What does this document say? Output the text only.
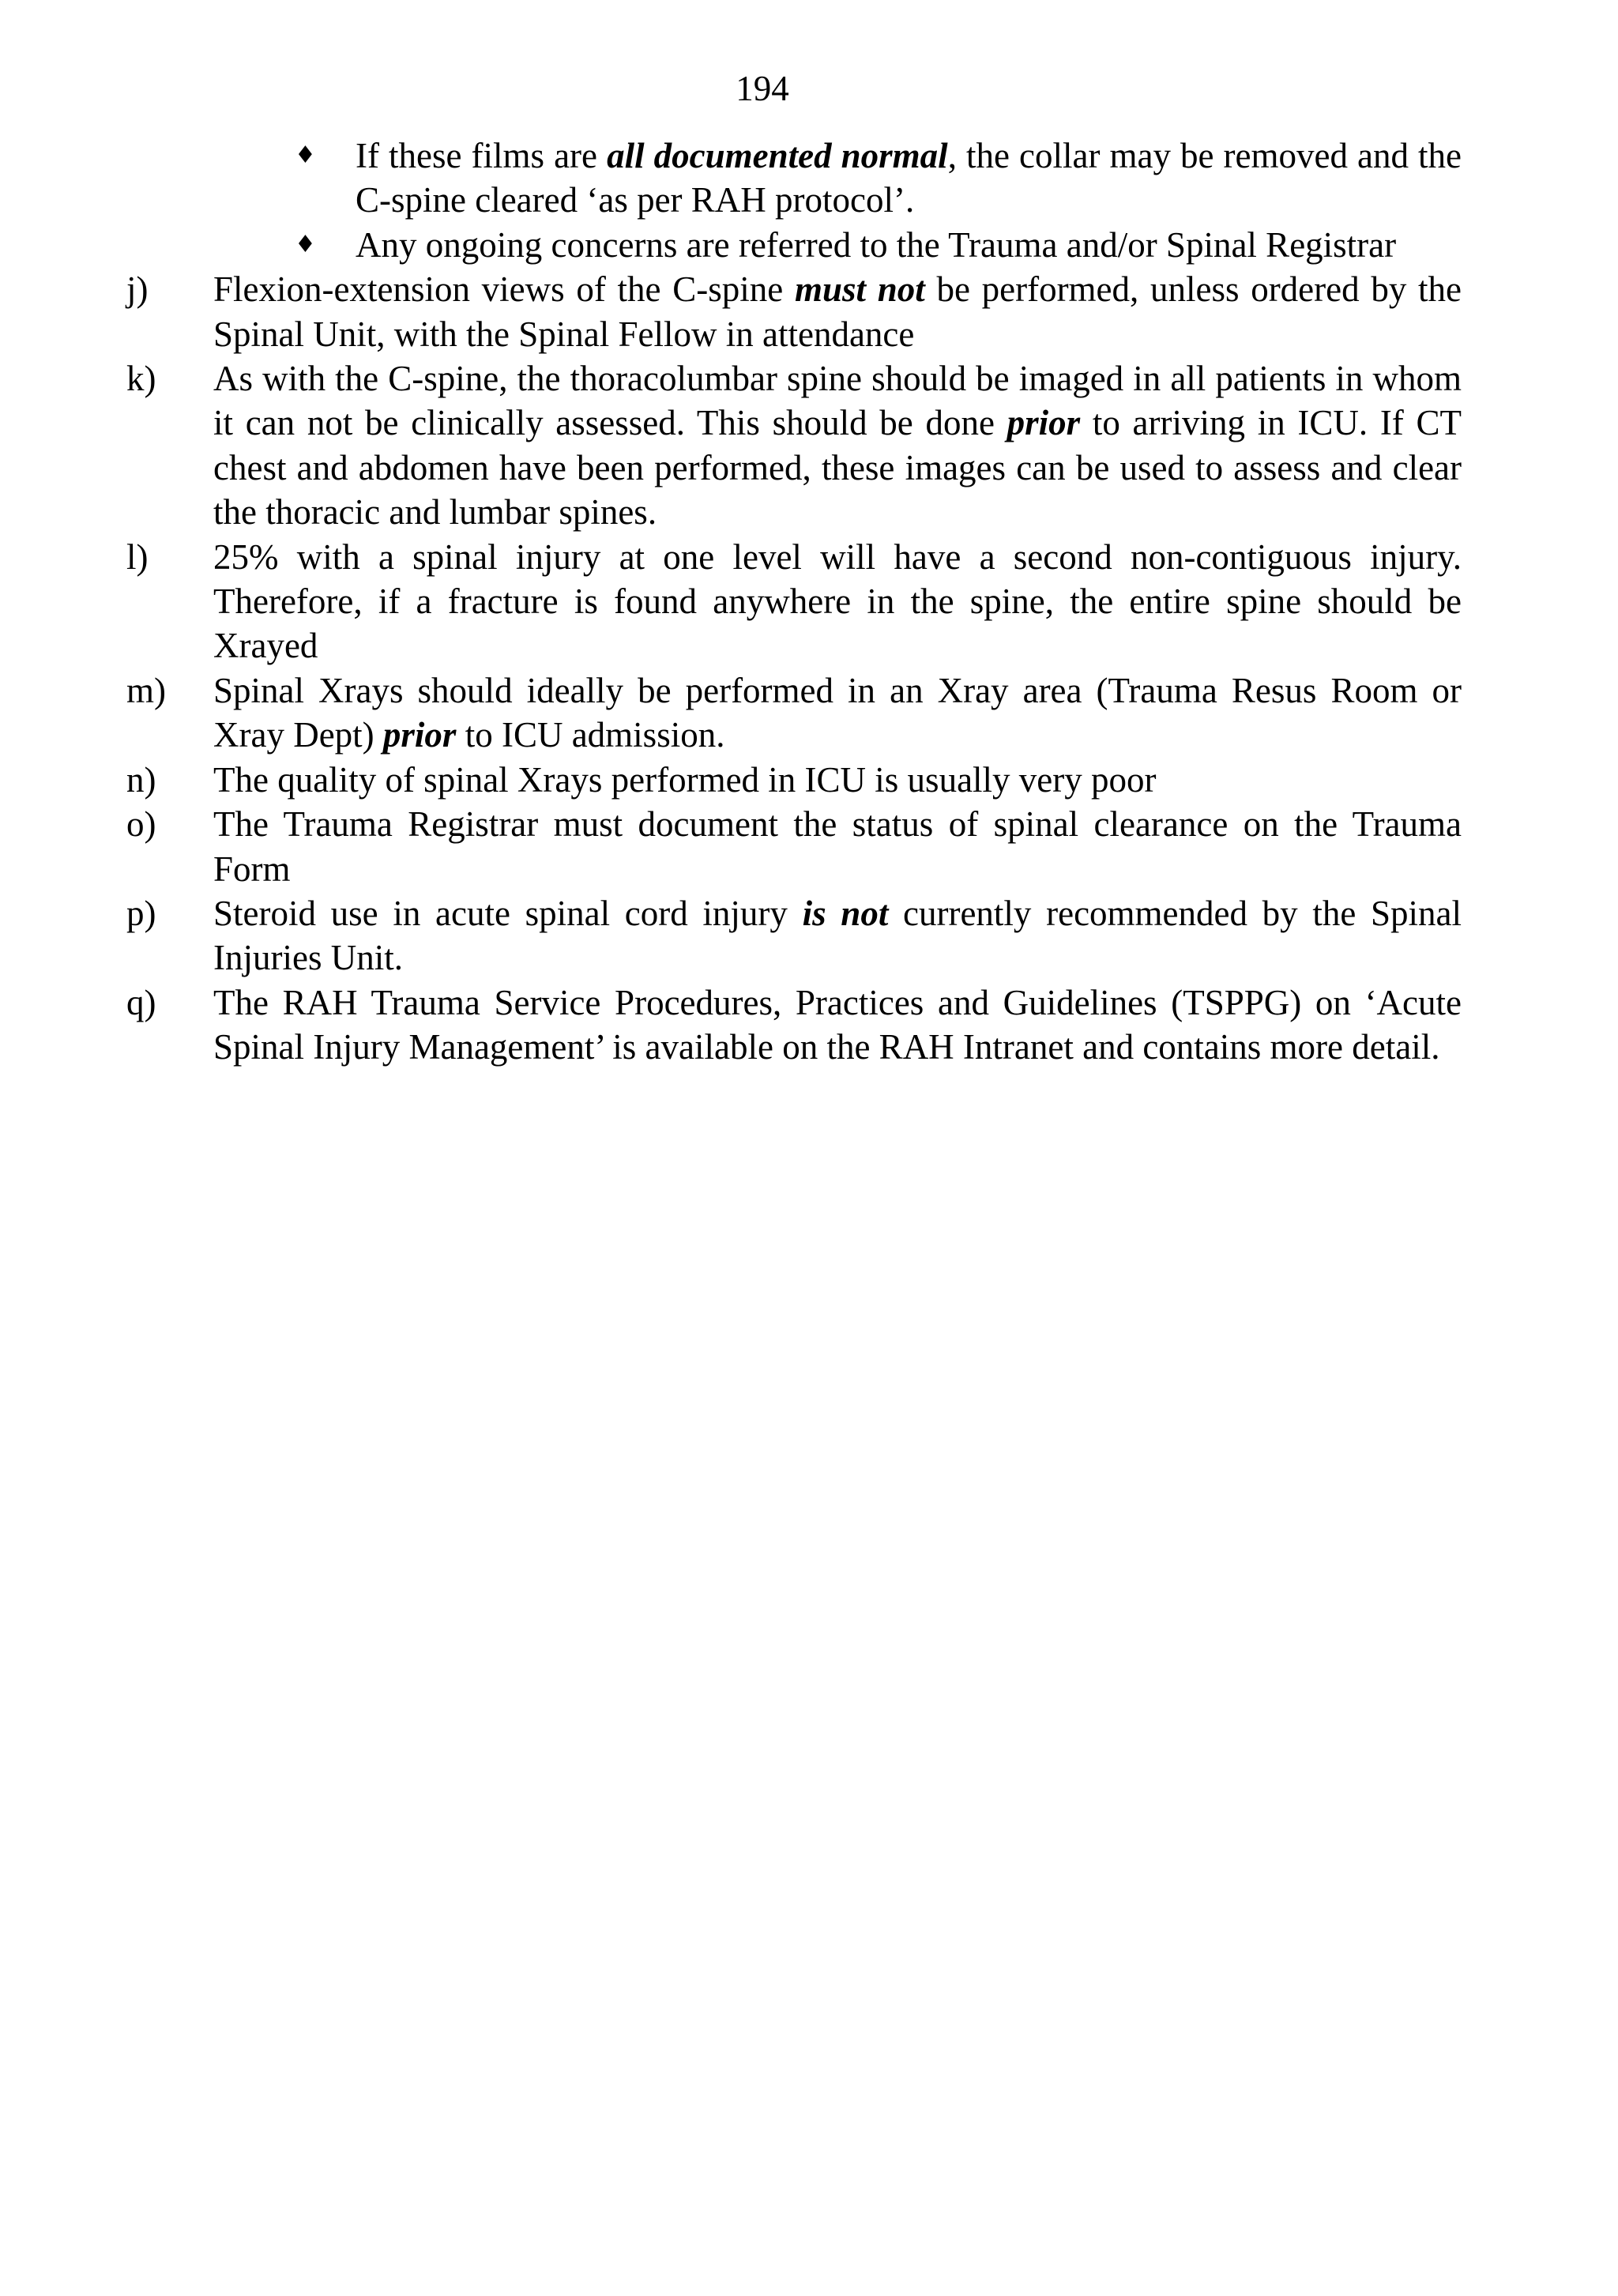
194
♦ If these films are all documented normal, the collar may be removed and the C-spine cleared ‘as per RAH protocol’.
♦ Any ongoing concerns are referred to the Trauma and/or Spinal Registrar
j) Flexion-extension views of the C-spine must not be performed, unless ordered by the Spinal Unit, with the Spinal Fellow in attendance
k) As with the C-spine, the thoracolumbar spine should be imaged in all patients in whom it can not be clinically assessed. This should be done prior to arriving in ICU. If CT chest and abdomen have been performed, these images can be used to assess and clear the thoracic and lumbar spines.
l) 25% with a spinal injury at one level will have a second non-contiguous injury. Therefore, if a fracture is found anywhere in the spine, the entire spine should be Xrayed
m) Spinal Xrays should ideally be performed in an Xray area (Trauma Resus Room or Xray Dept) prior to ICU admission.
n) The quality of spinal Xrays performed in ICU is usually very poor
o) The Trauma Registrar must document the status of spinal clearance on the Trauma Form
p) Steroid use in acute spinal cord injury is not currently recommended by the Spinal Injuries Unit.
q) The RAH Trauma Service Procedures, Practices and Guidelines (TSPPG) on ‘Acute Spinal Injury Management’ is available on the RAH Intranet and contains more detail.
